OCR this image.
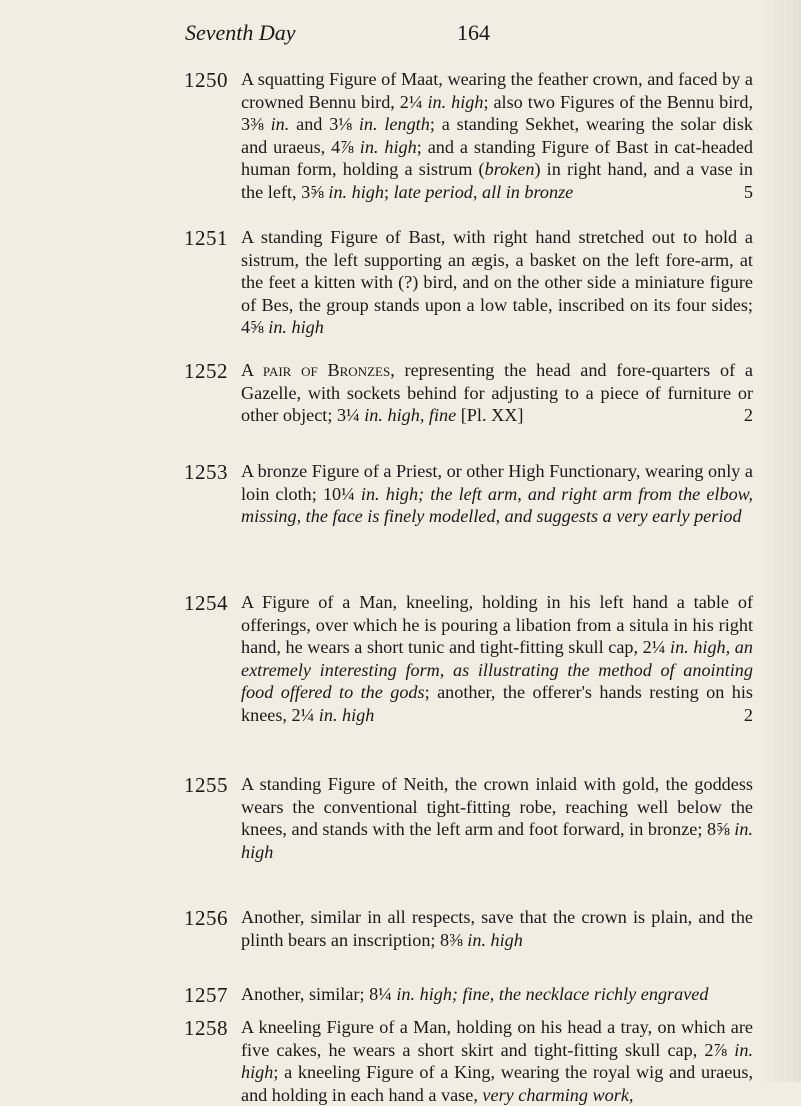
Seventh Day	164
1250 A squatting Figure of Maat, wearing the feather crown, and faced by a crowned Bennu bird, 2¼ in. high; also two Figures of the Bennu bird, 3⅜ in. and 3⅛ in. length; a standing Sekhet, wearing the solar disk and uraeus, 4⅞ in. high; and a standing Figure of Bast in cat-headed human form, holding a sistrum (broken) in right hand, and a vase in the left, 3⅝ in. high; late period, all in bronze	5
1251 A standing Figure of Bast, with right hand stretched out to hold a sistrum, the left supporting an ægis, a basket on the left fore-arm, at the feet a kitten with (?) bird, and on the other side a miniature figure of Bes, the group stands upon a low table, inscribed on its four sides; 4⅝ in. high
1252 A pair of Bronzes, representing the head and fore-quarters of a Gazelle, with sockets behind for adjusting to a piece of furniture or other object; 3¼ in. high, fine [Pl. XX]	2
1253 A bronze Figure of a Priest, or other High Functionary, wearing only a loin cloth; 10¼ in. high; the left arm, and right arm from the elbow, missing, the face is finely modelled, and suggests a very early period
1254 A Figure of a Man, kneeling, holding in his left hand a table of offerings, over which he is pouring a libation from a situla in his right hand, he wears a short tunic and tight-fitting skull cap, 2¼ in. high, an extremely interesting form, as illustrating the method of anointing food offered to the gods; another, the offerer's hands resting on his knees, 2¼ in. high	2
1255 A standing Figure of Neith, the crown inlaid with gold, the goddess wears the conventional tight-fitting robe, reaching well below the knees, and stands with the left arm and foot forward, in bronze; 8⅝ in. high
1256 Another, similar in all respects, save that the crown is plain, and the plinth bears an inscription; 8⅜ in. high
1257 Another, similar; 8¼ in. high; fine, the necklace richly engraved
1258 A kneeling Figure of a Man, holding on his head a tray, on which are five cakes, he wears a short skirt and tight-fitting skull cap, 2⅞ in. high; a kneeling Figure of a King, wearing the royal wig and uraeus, and holding in each hand a vase, very charming work,
